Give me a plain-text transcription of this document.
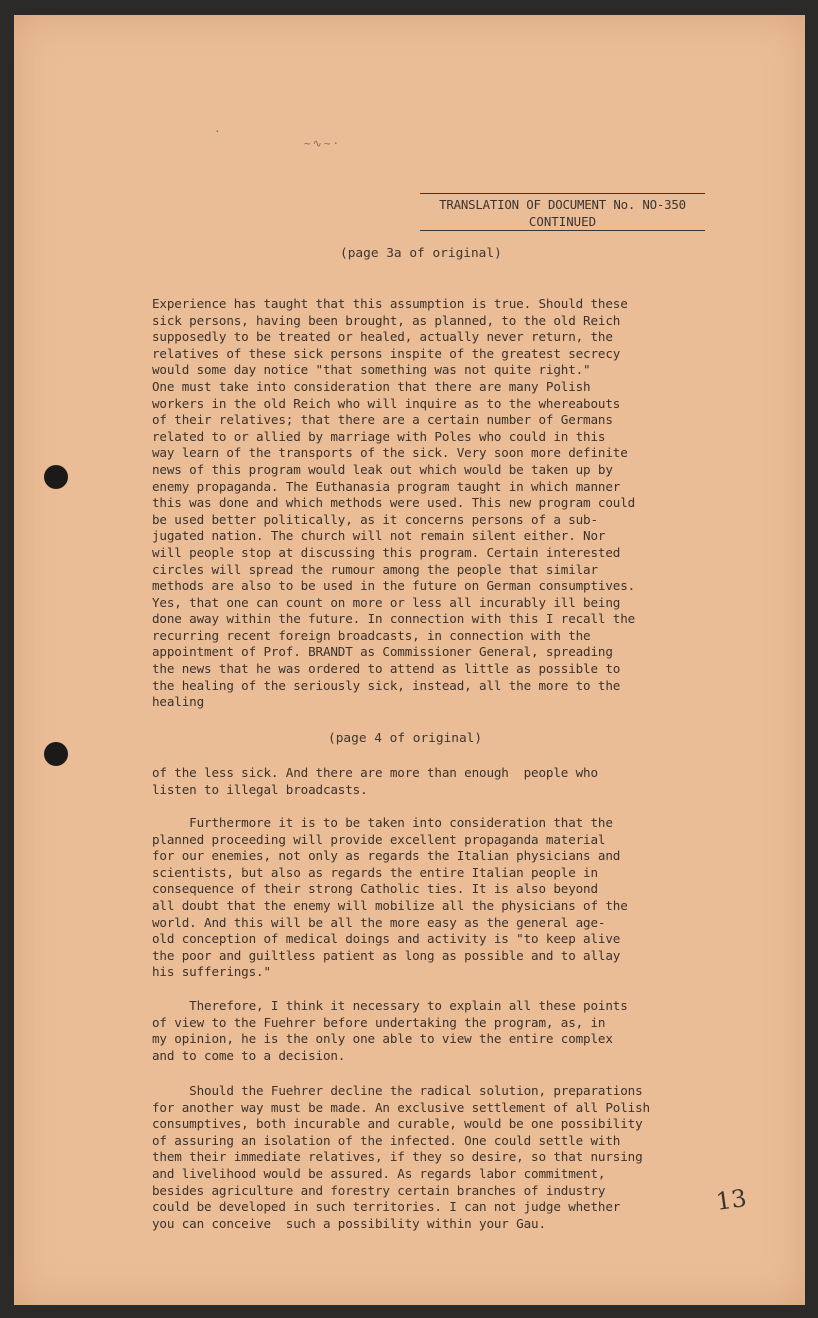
~∿~·
·
TRANSLATION OF DOCUMENT No. NO-350
CONTINUED
(page 3a of original)
Experience has taught that this assumption is true. Should these
sick persons, having been brought, as planned, to the old Reich
supposedly to be treated or healed, actually never return, the
relatives of these sick persons inspite of the greatest secrecy
would some day notice "that something was not quite right."
One must take into consideration that there are many Polish
workers in the old Reich who will inquire as to the whereabouts
of their relatives; that there are a certain number of Germans
related to or allied by marriage with Poles who could in this
way learn of the transports of the sick. Very soon more definite
news of this program would leak out which would be taken up by
enemy propaganda. The Euthanasia program taught in which manner
this was done and which methods were used. This new program could
be used better politically, as it concerns persons of a sub-
jugated nation. The church will not remain silent either. Nor
will people stop at discussing this program. Certain interested
circles will spread the rumour among the people that similar
methods are also to be used in the future on German consumptives.
Yes, that one can count on more or less all incurably ill being
done away within the future. In connection with this I recall the
recurring recent foreign broadcasts, in connection with the
appointment of Prof. BRANDT as Commissioner General, spreading
the news that he was ordered to attend as little as possible to
the healing of the seriously sick, instead, all the more to the
healing
(page 4 of original)
of the less sick. And there are more than enough  people who
listen to illegal broadcasts.
Furthermore it is to be taken into consideration that the
planned proceeding will provide excellent propaganda material
for our enemies, not only as regards the Italian physicians and
scientists, but also as regards the entire Italian people in
consequence of their strong Catholic ties. It is also beyond
all doubt that the enemy will mobilize all the physicians of the
world. And this will be all the more easy as the general age-
old conception of medical doings and activity is "to keep alive
the poor and guiltless patient as long as possible and to allay
his sufferings."
Therefore, I think it necessary to explain all these points
of view to the Fuehrer before undertaking the program, as, in
my opinion, he is the only one able to view the entire complex
and to come to a decision.
Should the Fuehrer decline the radical solution, preparations
for another way must be made. An exclusive settlement of all Polish
consumptives, both incurable and curable, would be one possibility
of assuring an isolation of the infected. One could settle with
them their immediate relatives, if they so desire, so that nursing
and livelihood would be assured. As regards labor commitment,
besides agriculture and forestry certain branches of industry
could be developed in such territories. I can not judge whether
you can conceive  such a possibility within your Gau.
13
